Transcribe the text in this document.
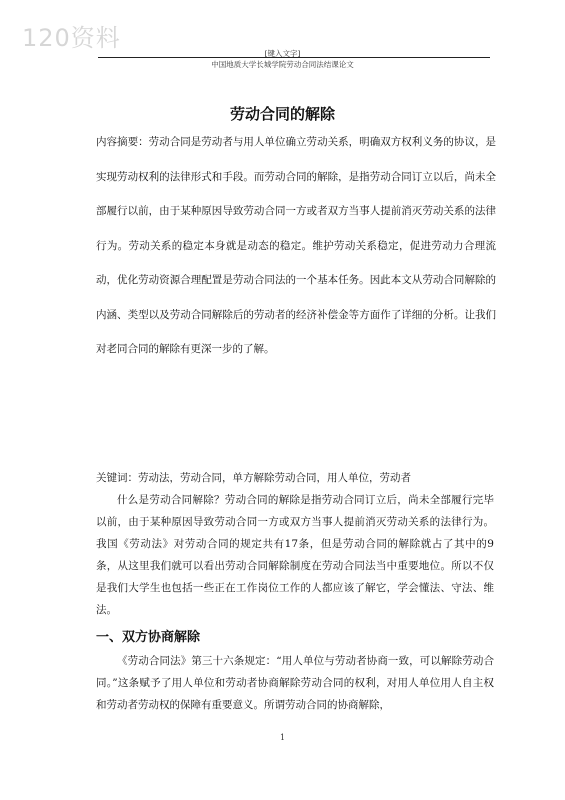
120资料
[键入文字]
中国地质大学长城学院劳动合同法结课论文
劳动合同的解除

内容摘要：劳动合同是劳动者与用人单位确立劳动关系，明确双方权利义务的协议，是实现劳动权利的法律形式和手段。而劳动合同的解除，是指劳动合同订立以后，尚未全部履行以前，由于某种原因导致劳动合同一方或者双方当事人提前消灭劳动关系的法律行为。劳动关系的稳定本身就是动态的稳定。维护劳动关系稳定，促进劳动力合理流动，优化劳动资源合理配置是劳动合同法的一个基本任务。因此本文从劳动合同解除的内涵、类型以及劳动合同解除后的劳动者的经济补偿金等方面作了详细的分析。让我们对老同合同的解除有更深一步的了解。

关键词：劳动法，劳动合同，单方解除劳动合同，用人单位，劳动者

什么是劳动合同解除？劳动合同的解除是指劳动合同订立后，尚未全部履行完毕以前，由于某种原因导致劳动合同一方或双方当事人提前消灭劳动关系的法律行为。我国《劳动法》对劳动合同的规定共有17条，但是劳动合同的解除就占了其中的9条，从这里我们就可以看出劳动合同解除制度在劳动合同法当中重要地位。所以不仅是我们大学生也包括一些正在工作岗位工作的人都应该了解它，学会懂法、守法、维法。

一、双方协商解除

《劳动合同法》第三十六条规定：“用人单位与劳动者协商一致，可以解除劳动合同。”这条赋予了用人单位和劳动者协商解除劳动合同的权利，对用人单位用人自主权和劳动者劳动权的保障有重要意义。所谓劳动合同的协商解除，

1
